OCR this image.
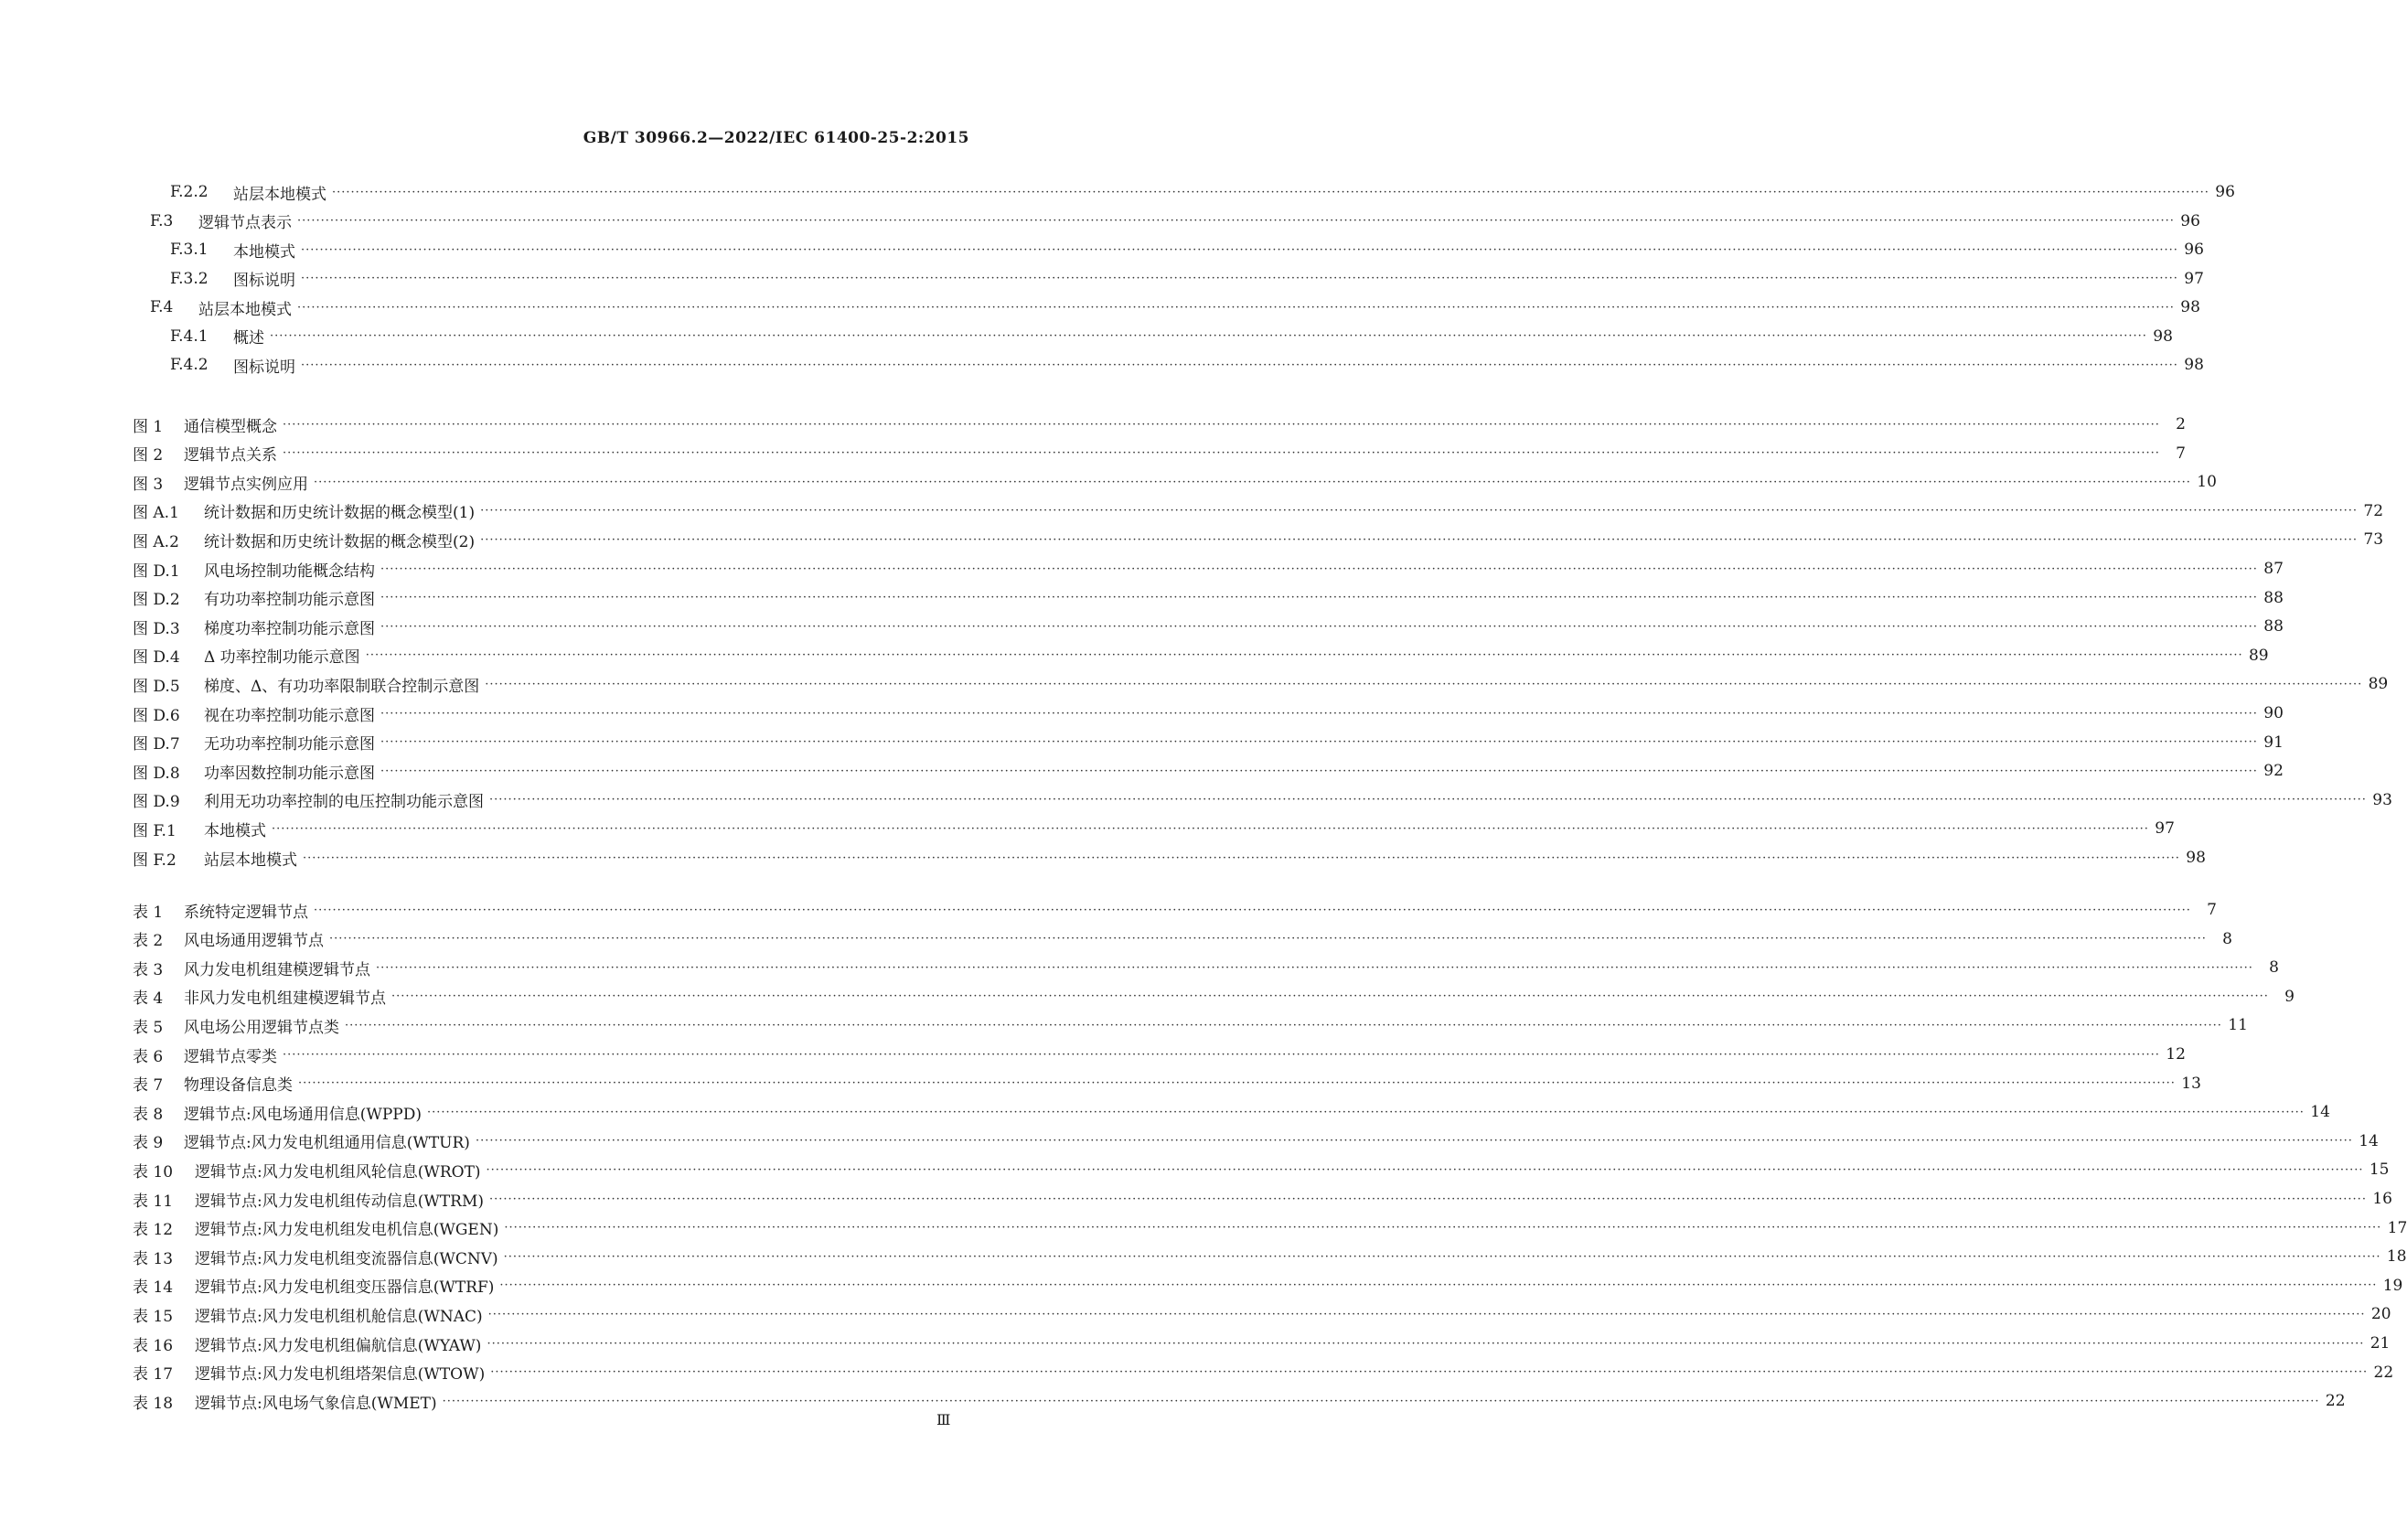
GB/T 30966.2—2022/IEC 61400-25-2:2015
F.2.2	站层本地模式 ················································································································································································································································································································································································································ 96
F.3	逻辑节点表示 ················································································································································································································································································································································································································ 96
F.3.1	本地模式 ················································································································································································································································································································································································································ 96
F.3.2	图标说明 ················································································································································································································································································································································································································ 97
F.4	站层本地模式 ················································································································································································································································································································································································································ 98
F.4.1	概述 ················································································································································································································································································································································································································ 98
F.4.2	图标说明 ················································································································································································································································································································································································································ 98
图 1	通信模型概念 ················································································································································································································································································································································································································	2
图 2	逻辑节点关系 ················································································································································································································································································································································································································	7
图 3	逻辑节点实例应用 ················································································································································································································································································································································································································ 10
图 A.1	统计数据和历史统计数据的概念模型(1) ················································································································································································································································································································································································································ 72
图 A.2	统计数据和历史统计数据的概念模型(2) ················································································································································································································································································································································································································ 73
图 D.1	风电场控制功能概念结构 ················································································································································································································································································································································································································ 87
图 D.2	有功功率控制功能示意图 ················································································································································································································································································································································································································ 88
图 D.3	梯度功率控制功能示意图 ················································································································································································································································································································································································································ 88
图 D.4	Δ 功率控制功能示意图 ················································································································································································································································································································································································································ 89
图 D.5	梯度、Δ、有功功率限制联合控制示意图 ················································································································································································································································································································································································································ 89
图 D.6	视在功率控制功能示意图 ················································································································································································································································································································································································································ 90
图 D.7	无功功率控制功能示意图 ················································································································································································································································································································································································································ 91
图 D.8	功率因数控制功能示意图 ················································································································································································································································································································································································································ 92
图 D.9	利用无功功率控制的电压控制功能示意图 ················································································································································································································································································································································································································ 93
图 F.1	本地模式 ················································································································································································································································································································································································································ 97
图 F.2	站层本地模式 ················································································································································································································································································································································································································ 98
表 1	系统特定逻辑节点 ················································································································································································································································································································································································································	7
表 2	风电场通用逻辑节点 ················································································································································································································································································································································································································	8
表 3	风力发电机组建模逻辑节点 ················································································································································································································································································································································································································	8
表 4	非风力发电机组建模逻辑节点 ················································································································································································································································································································································································································	9
表 5	风电场公用逻辑节点类 ················································································································································································································································································································································································································ 11
表 6	逻辑节点零类 ················································································································································································································································································································································································································ 12
表 7	物理设备信息类 ················································································································································································································································································································································································································ 13
表 8	逻辑节点:风电场通用信息(WPPD) ················································································································································································································································································································································································································ 14
表 9	逻辑节点:风力发电机组通用信息(WTUR) ················································································································································································································································································································································································································ 14
表 10	逻辑节点:风力发电机组风轮信息(WROT) ················································································································································································································································································································································································································ 15
表 11	逻辑节点:风力发电机组传动信息(WTRM) ················································································································································································································································································································································································································ 16
表 12	逻辑节点:风力发电机组发电机信息(WGEN) ················································································································································································································································································································································································································ 17
表 13	逻辑节点:风力发电机组变流器信息(WCNV) ················································································································································································································································································································································································································ 18
表 14	逻辑节点:风力发电机组变压器信息(WTRF) ················································································································································································································································································································································································································ 19
表 15	逻辑节点:风力发电机组机舱信息(WNAC) ················································································································································································································································································································································································································ 20
表 16	逻辑节点:风力发电机组偏航信息(WYAW) ················································································································································································································································································································································································································ 21
表 17	逻辑节点:风力发电机组塔架信息(WTOW) ················································································································································································································································································································································································································ 22
表 18	逻辑节点:风电场气象信息(WMET) ················································································································································································································································································································································································································ 22
Ⅲ
